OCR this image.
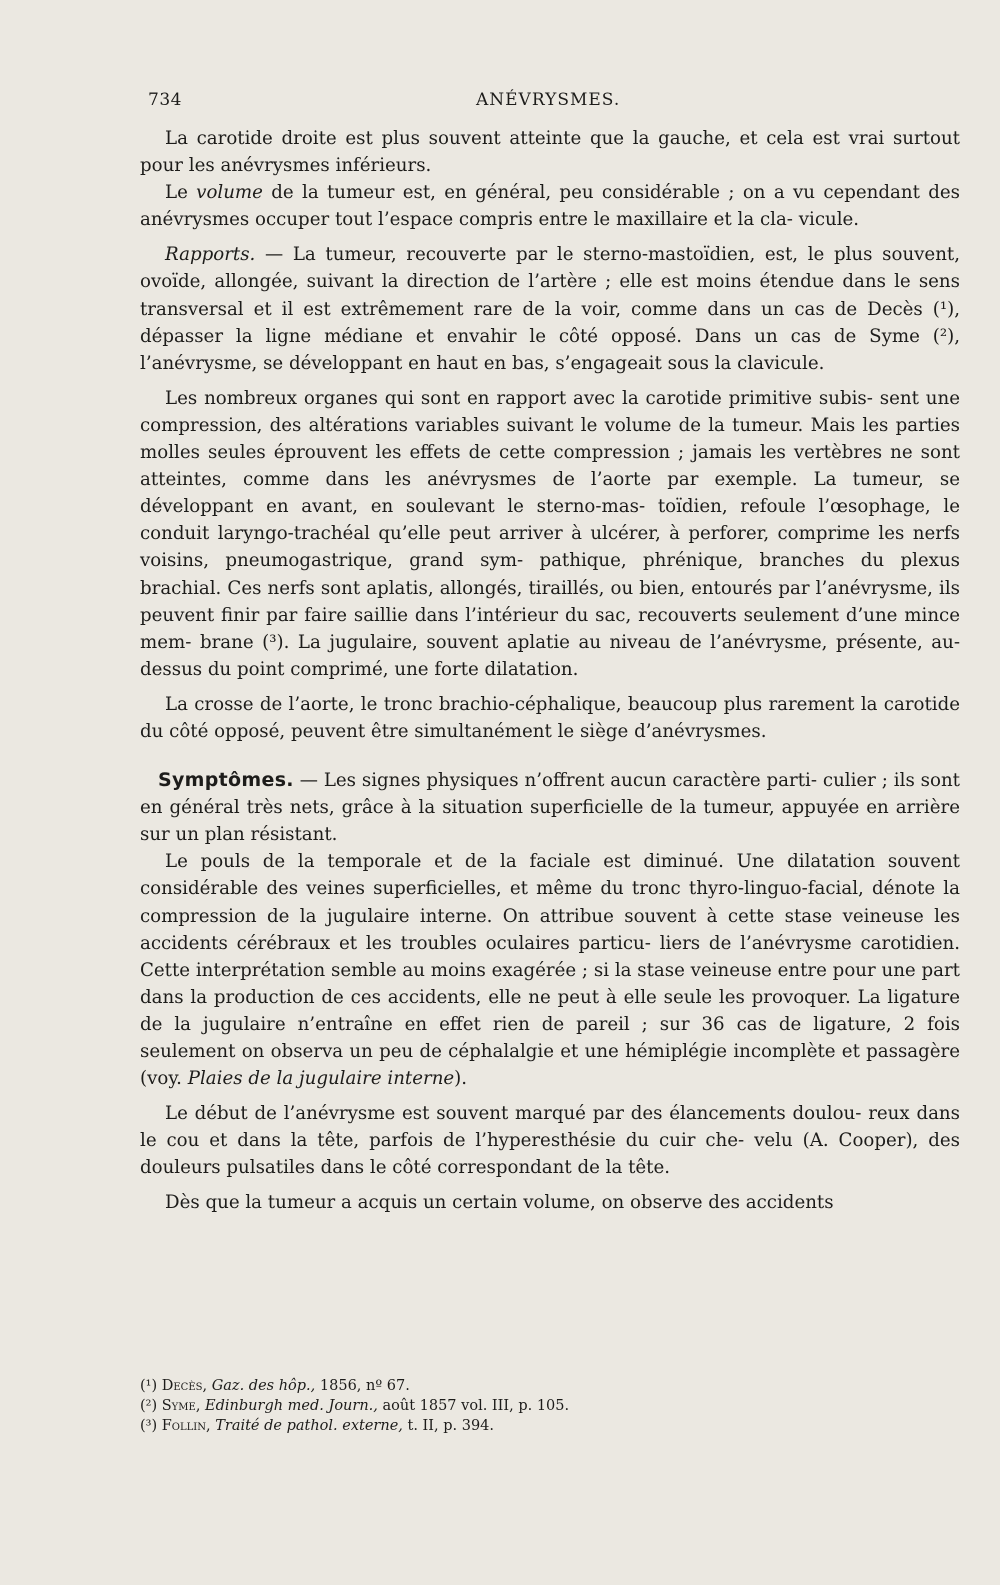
734	ANÉVRYSMES.

La carotide droite est plus souvent atteinte que la gauche, et cela est vrai surtout pour les anévrysmes inférieurs.

Le volume de la tumeur est, en général, peu considérable ; on a vu cependant des anévrysmes occuper tout l’espace compris entre le maxillaire et la cla- vicule.

Rapports. — La tumeur, recouverte par le sterno-mastoïdien, est, le plus souvent, ovoïde, allongée, suivant la direction de l’artère ; elle est moins étendue dans le sens transversal et il est extrêmement rare de la voir, comme dans un cas de Decès (¹), dépasser la ligne médiane et envahir le côté opposé. Dans un cas de Syme (²), l’anévrysme, se développant en haut en bas, s’engageait sous la clavicule.

Les nombreux organes qui sont en rapport avec la carotide primitive subis- sent une compression, des altérations variables suivant le volume de la tumeur. Mais les parties molles seules éprouvent les effets de cette compression ; jamais les vertèbres ne sont atteintes, comme dans les anévrysmes de l’aorte par exemple. La tumeur, se développant en avant, en soulevant le sterno-mas- toïdien, refoule l’œsophage, le conduit laryngo-trachéal qu’elle peut arriver à ulcérer, à perforer, comprime les nerfs voisins, pneumogastrique, grand sym- pathique, phrénique, branches du plexus brachial. Ces nerfs sont aplatis, allongés, tiraillés, ou bien, entourés par l’anévrysme, ils peuvent finir par faire saillie dans l’intérieur du sac, recouverts seulement d’une mince mem- brane (³). La jugulaire, souvent aplatie au niveau de l’anévrysme, présente, au-dessus du point comprimé, une forte dilatation.

La crosse de l’aorte, le tronc brachio-céphalique, beaucoup plus rarement la carotide du côté opposé, peuvent être simultanément le siège d’anévrysmes.

Symptômes. — Les signes physiques n’offrent aucun caractère parti- culier ; ils sont en général très nets, grâce à la situation superficielle de la tumeur, appuyée en arrière sur un plan résistant.

Le pouls de la temporale et de la faciale est diminué. Une dilatation souvent considérable des veines superficielles, et même du tronc thyro-linguo-facial, dénote la compression de la jugulaire interne. On attribue souvent à cette stase veineuse les accidents cérébraux et les troubles oculaires particu- liers de l’anévrysme carotidien. Cette interprétation semble au moins exagérée ; si la stase veineuse entre pour une part dans la production de ces accidents, elle ne peut à elle seule les provoquer. La ligature de la jugulaire n’entraîne en effet rien de pareil ; sur 36 cas de ligature, 2 fois seulement on observa un peu de céphalalgie et une hémiplégie incomplète et passagère (voy. Plaies de la jugulaire interne).

Le début de l’anévrysme est souvent marqué par des élancements doulou- reux dans le cou et dans la tête, parfois de l’hyperesthésie du cuir che- velu (A. Cooper), des douleurs pulsatiles dans le côté correspondant de la tête.

Dès que la tumeur a acquis un certain volume, on observe des accidents

(¹) Decès, Gaz. des hôp., 1856, nº 67.
(²) Syme, Edinburgh med. Journ., août 1857 vol. III, p. 105.
(³) Follin, Traité de pathol. externe, t. II, p. 394.
